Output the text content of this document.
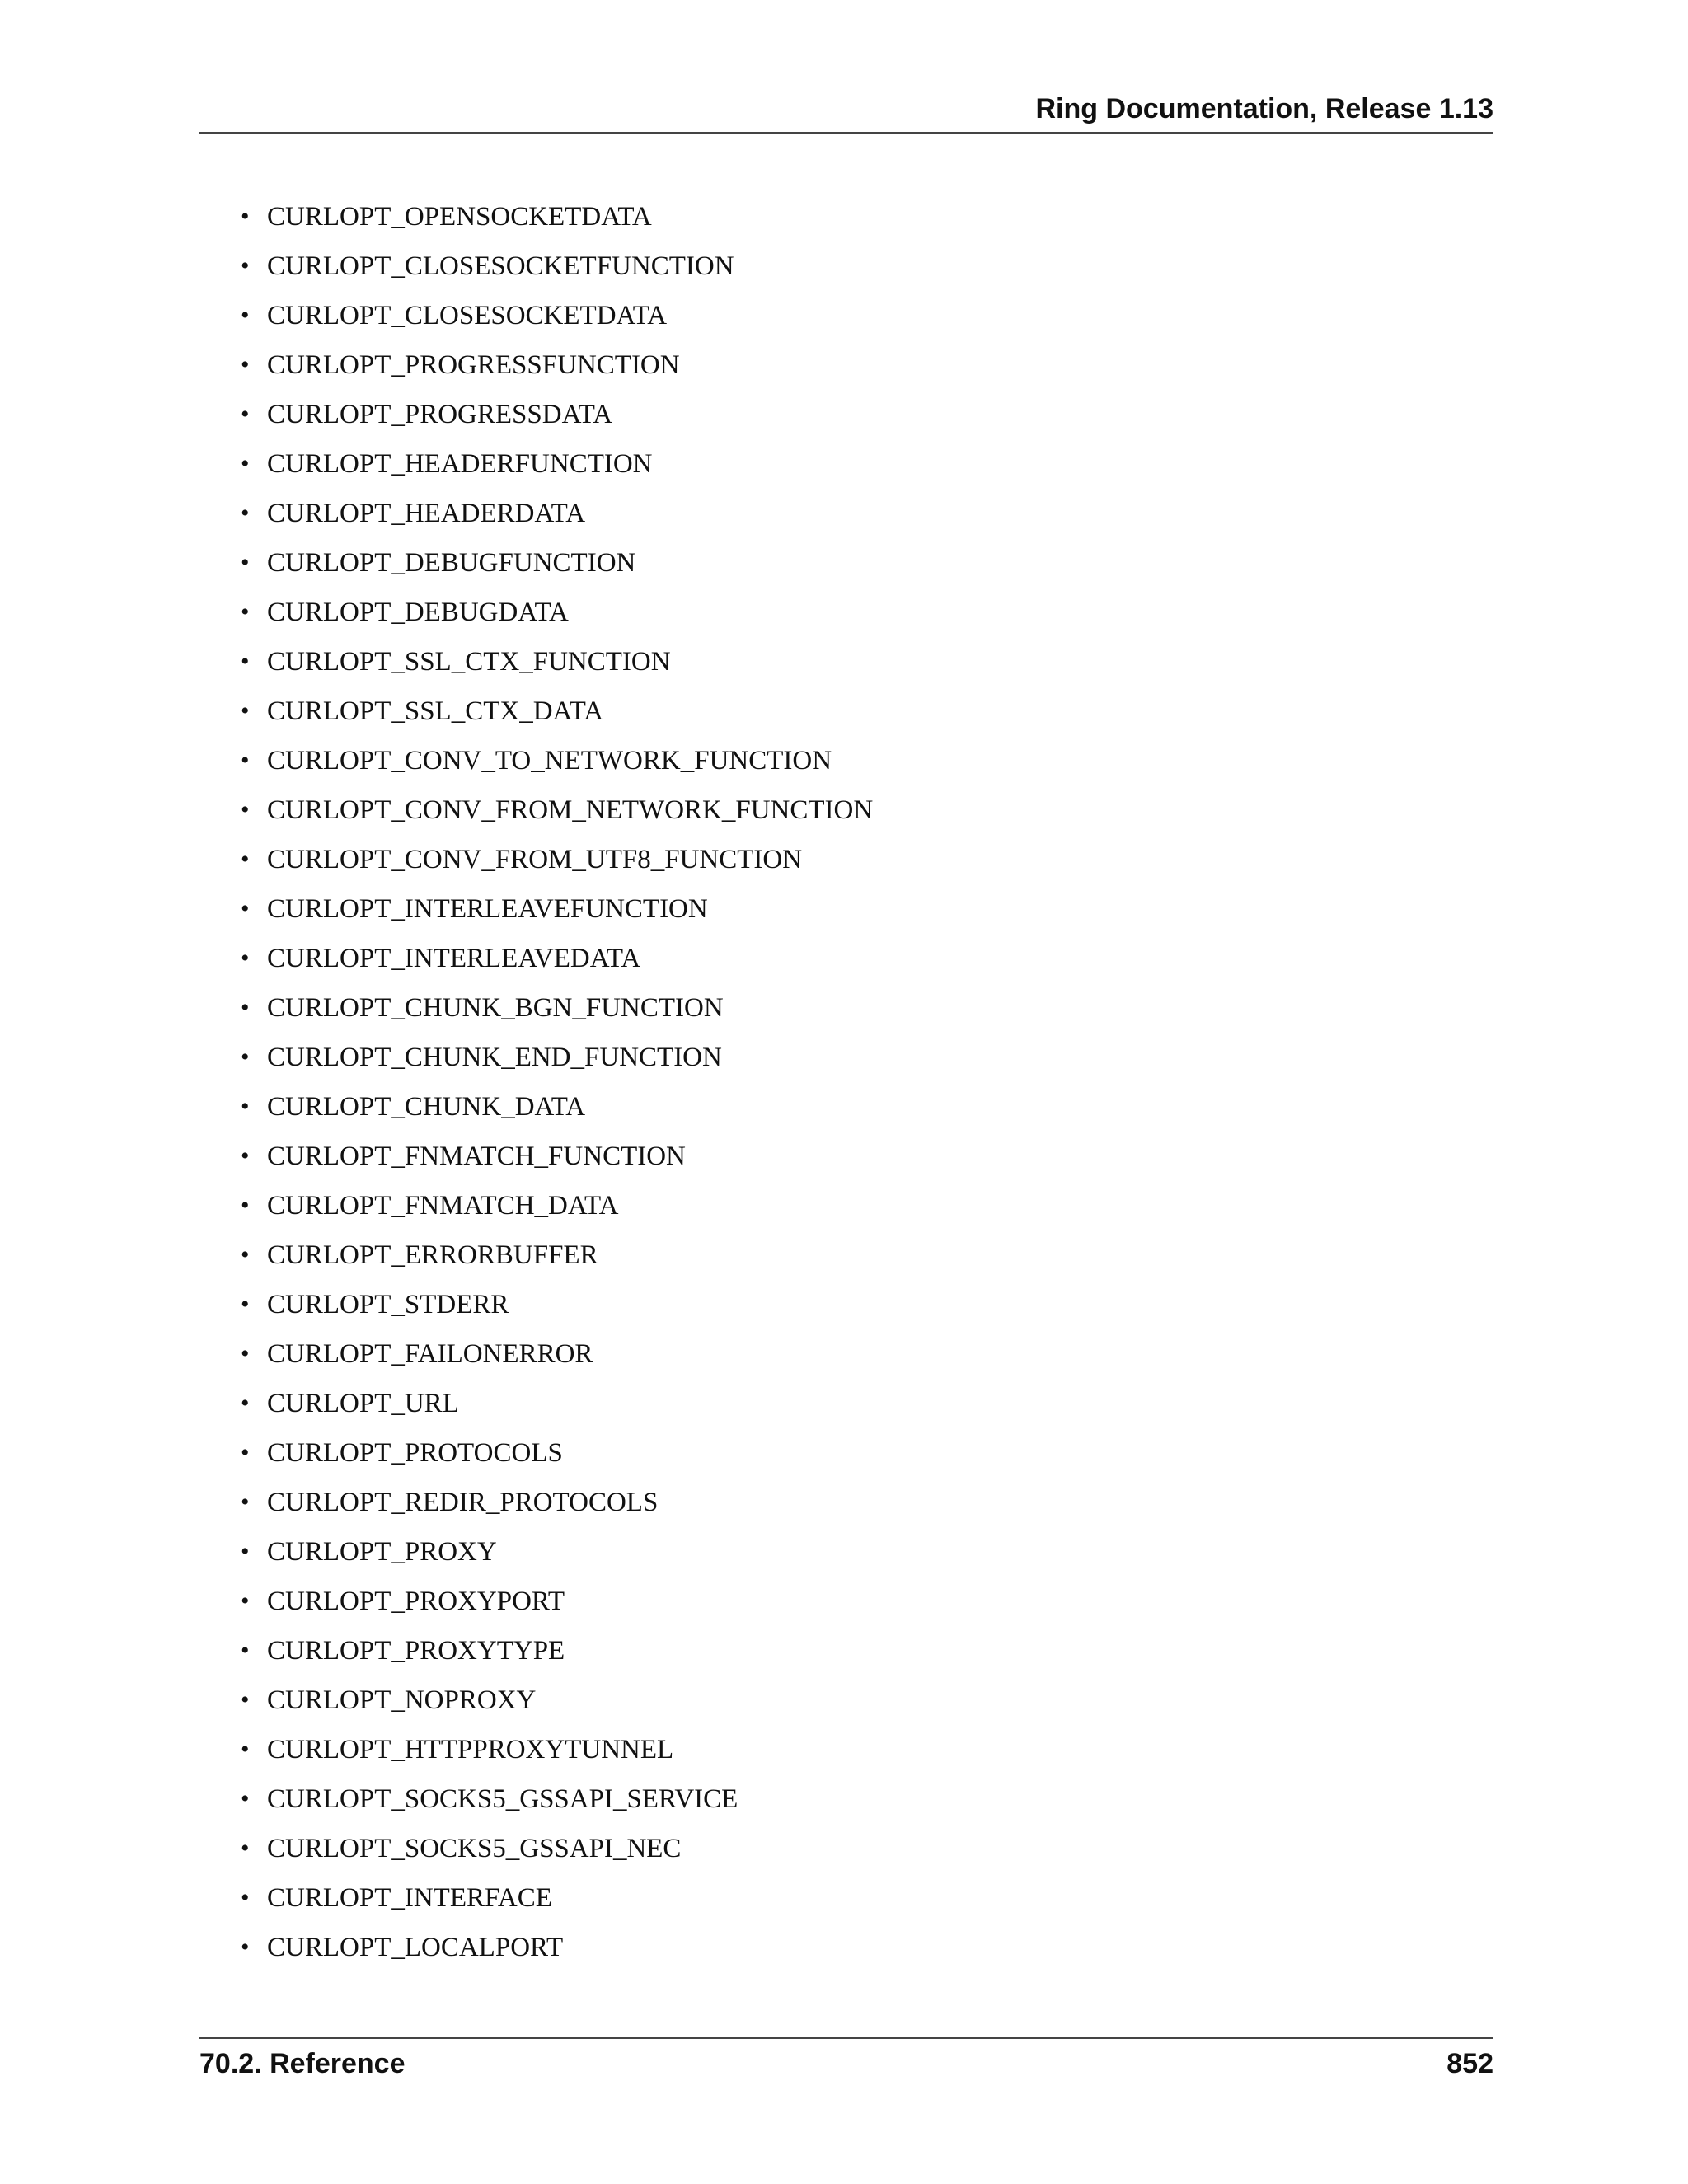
Ring Documentation, Release 1.13
• CURLOPT_OPENSOCKETDATA
• CURLOPT_CLOSESOCKETFUNCTION
• CURLOPT_CLOSESOCKETDATA
• CURLOPT_PROGRESSFUNCTION
• CURLOPT_PROGRESSDATA
• CURLOPT_HEADERFUNCTION
• CURLOPT_HEADERDATA
• CURLOPT_DEBUGFUNCTION
• CURLOPT_DEBUGDATA
• CURLOPT_SSL_CTX_FUNCTION
• CURLOPT_SSL_CTX_DATA
• CURLOPT_CONV_TO_NETWORK_FUNCTION
• CURLOPT_CONV_FROM_NETWORK_FUNCTION
• CURLOPT_CONV_FROM_UTF8_FUNCTION
• CURLOPT_INTERLEAVEFUNCTION
• CURLOPT_INTERLEAVEDATA
• CURLOPT_CHUNK_BGN_FUNCTION
• CURLOPT_CHUNK_END_FUNCTION
• CURLOPT_CHUNK_DATA
• CURLOPT_FNMATCH_FUNCTION
• CURLOPT_FNMATCH_DATA
• CURLOPT_ERRORBUFFER
• CURLOPT_STDERR
• CURLOPT_FAILONERROR
• CURLOPT_URL
• CURLOPT_PROTOCOLS
• CURLOPT_REDIR_PROTOCOLS
• CURLOPT_PROXY
• CURLOPT_PROXYPORT
• CURLOPT_PROXYTYPE
• CURLOPT_NOPROXY
• CURLOPT_HTTPPROXYTUNNEL
• CURLOPT_SOCKS5_GSSAPI_SERVICE
• CURLOPT_SOCKS5_GSSAPI_NEC
• CURLOPT_INTERFACE
• CURLOPT_LOCALPORT
70.2. Reference	852
